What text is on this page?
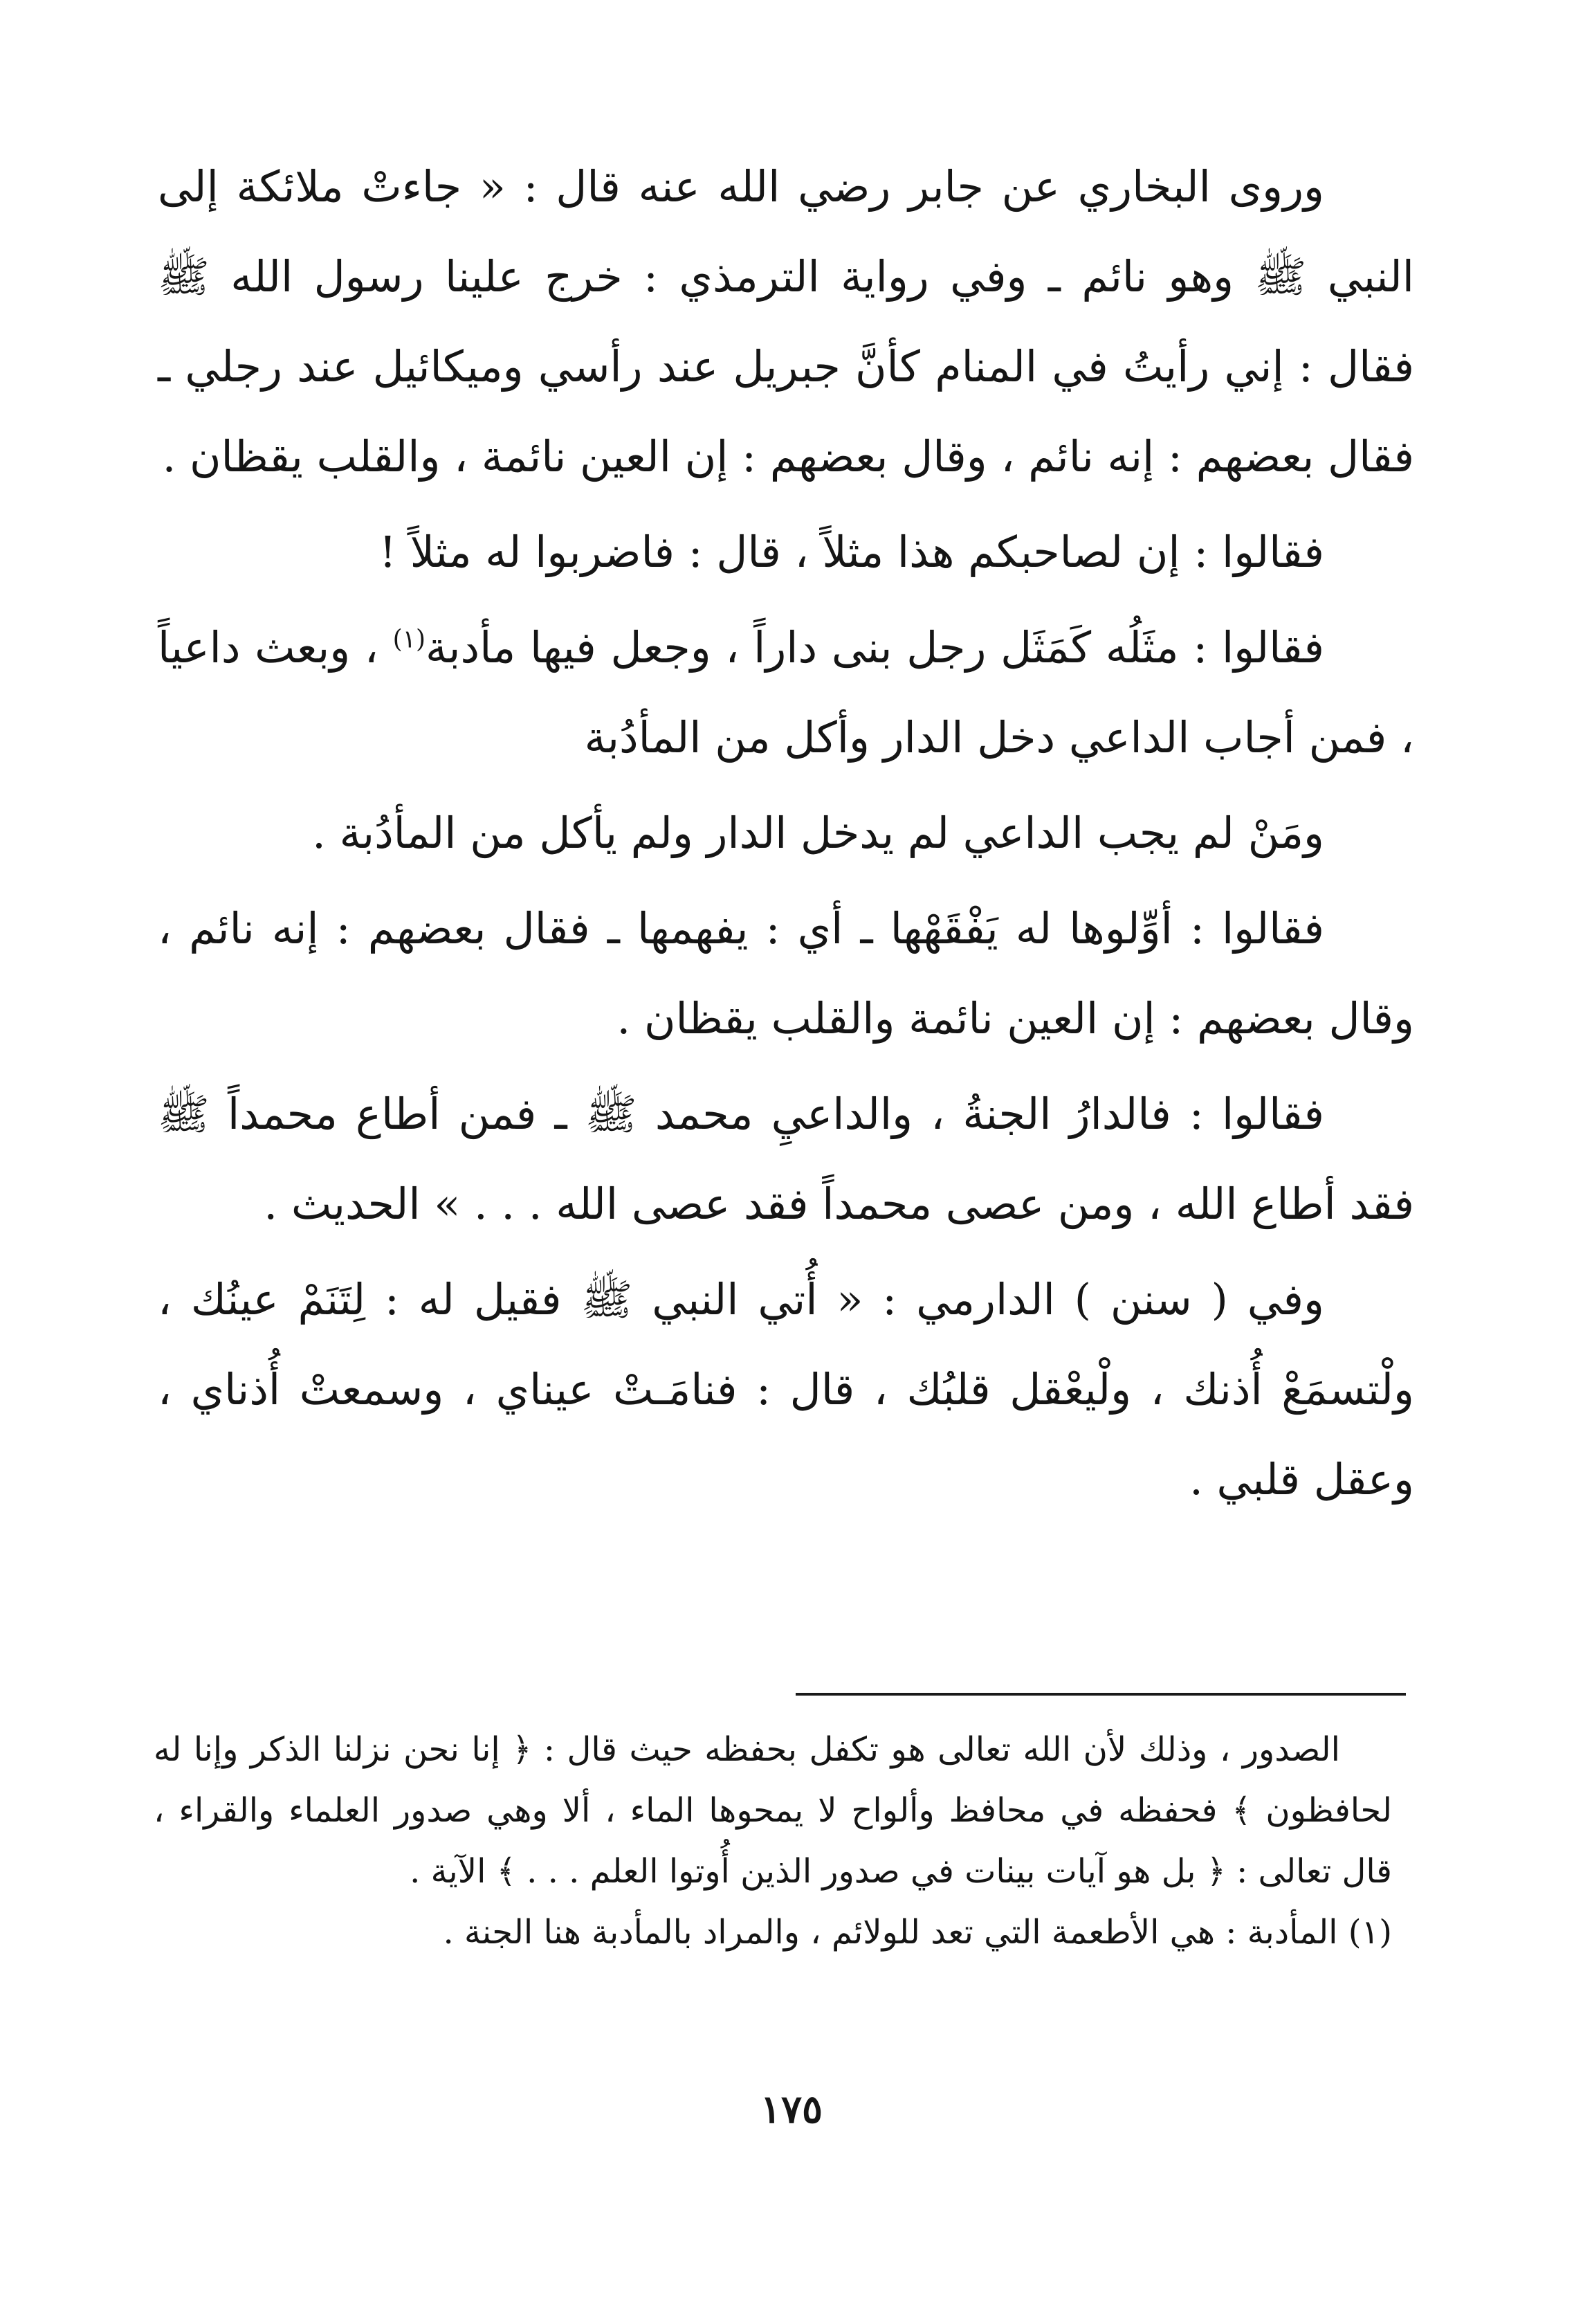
وروى البخاري عن جابر رضي الله عنه قال : « جاءتْ ملائكة إلى النبي ﷺ وهو نائم ـ وفي رواية الترمذي : خرج علينا رسول الله ﷺ فقال : إني رأيتُ في المنام كأنَّ جبريل عند رأسي وميكائيل عند رجلي ـ فقال بعضهم : إنه نائم ، وقال بعضهم : إن العين نائمة ، والقلب يقظان .

فقالوا : إن لصاحبكم هذا مثلاً ، قال : فاضربوا له مثلاً !

فقالوا : مثَلُه كَمَثَل رجل بنى داراً ، وجعل فيها مأدبة$^{(١)}$ ، وبعث داعياً ، فمن أجاب الداعي دخل الدار وأكل من المأدُبة

ومَنْ لم يجب الداعي لم يدخل الدار ولم يأكل من المأدُبة .

فقالوا : أوِّلوها له يَفْقَهْها ـ أي : يفهمها ـ فقال بعضهم : إنه نائم ، وقال بعضهم : إن العين نائمة والقلب يقظان .

فقالوا : فالدارُ الجنةُ ، والداعيِ محمد ﷺ ـ فمن أطاع محمداً ﷺ فقد أطاع الله ، ومن عصى محمداً فقد عصى الله . . . » الحديث .

وفي ( سنن ) الدارمي : « أُتي النبي ﷺ فقيل له : لِتَنَمْ عينُك ، ولْتسمَعْ أُذنك ، ولْيعْقل قلبُك ، قال : فنامَـتْ عيناي ، وسمعتْ أُذناي ، وعقل قلبي .

الصدور ، وذلك لأن الله تعالى هو تكفل بحفظه حيث قال : ﴿ إنا نحن نزلنا الذكر وإنا له لحافظون ﴾ فحفظه في محافظ وألواح لا يمحوها الماء ، ألا وهي صدور العلماء والقراء ، قال تعالى : ﴿ بل هو آيات بينات في صدور الذين أُوتوا العلم . . . ﴾ الآية .

(١) المأدبة : هي الأطعمة التي تعد للولائم ، والمراد بالمأدبة هنا الجنة .

١٧٥
